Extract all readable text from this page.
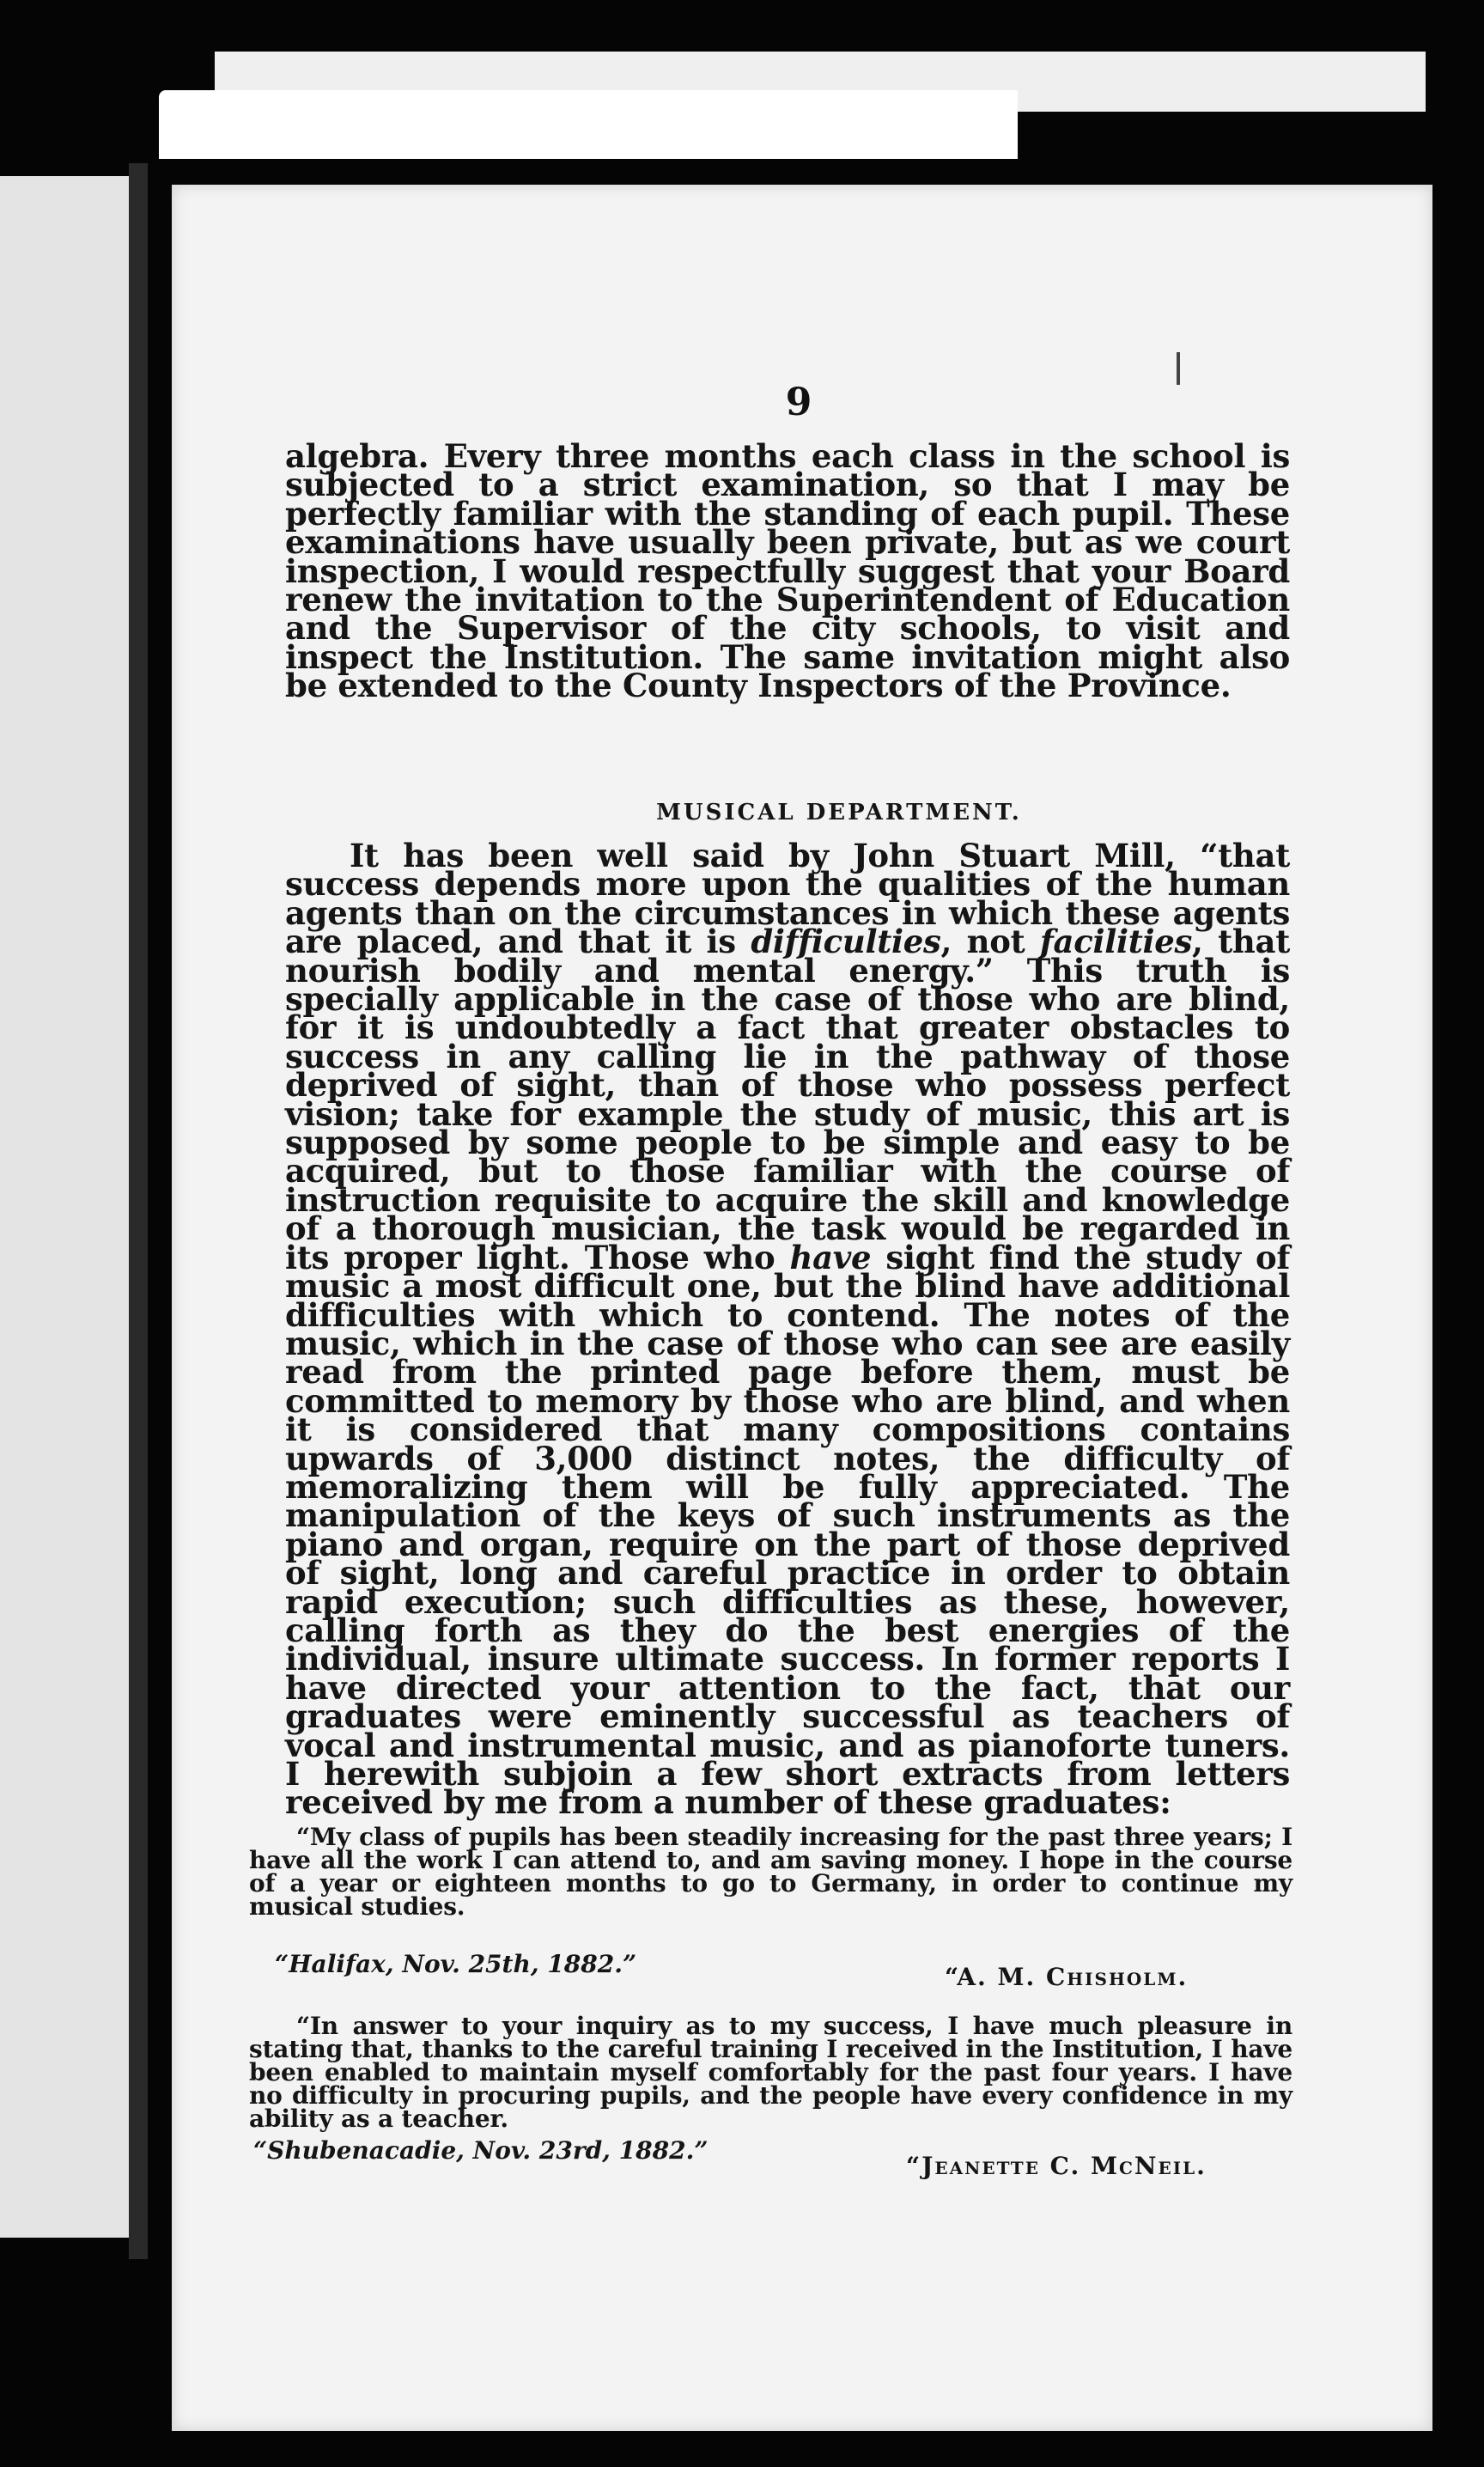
9
algebra. Every three months each class in the school is subjected to a strict examination, so that I may be perfectly familiar with the standing of each pupil. These examinations have usually been private, but as we court inspection, I would respectfully suggest that your Board renew the invitation to the Superintendent of Education and the Supervisor of the city schools, to visit and inspect the Institution. The same invitation might also be extended to the County Inspectors of the Province.
MUSICAL DEPARTMENT.
It has been well said by John Stuart Mill, “that success depends more upon the qualities of the human agents than on the circumstances in which these agents are placed, and that it is difficulties, not facilities, that nourish bodily and mental energy.” This truth is specially applicable in the case of those who are blind, for it is undoubtedly a fact that greater obstacles to success in any calling lie in the pathway of those deprived of sight, than of those who possess perfect vision; take for example the study of music, this art is supposed by some people to be simple and easy to be acquired, but to those familiar with the course of instruction requisite to acquire the skill and knowledge of a thorough musician, the task would be regarded in its proper light. Those who have sight find the study of music a most difficult one, but the blind have additional difficulties with which to contend. The notes of the music, which in the case of those who can see are easily read from the printed page before them, must be committed to memory by those who are blind, and when it is considered that many compositions contains upwards of 3,000 distinct notes, the difficulty of memoralizing them will be fully appreciated. The manipulation of the keys of such instruments as the piano and organ, require on the part of those deprived of sight, long and careful practice in order to obtain rapid execution; such difficulties as these, however, calling forth as they do the best energies of the individual, insure ultimate success. In former reports I have directed your attention to the fact, that our graduates were eminently successful as teachers of vocal and instrumental music, and as pianoforte tuners. I herewith subjoin a few short extracts from letters received by me from a number of these graduates:
“My class of pupils has been steadily increasing for the past three years; I have all the work I can attend to, and am saving money. I hope in the course of a year or eighteen months to go to Germany, in order to continue my musical studies.
“Halifax, Nov. 25th, 1882.”	“A. M. Chisholm.
“In answer to your inquiry as to my success, I have much pleasure in stating that, thanks to the careful training I received in the Institution, I have been enabled to maintain myself comfortably for the past four years. I have no difficulty in procuring pupils, and the people have every confidence in my ability as a teacher.
“Shubenacadie, Nov. 23rd, 1882.”
“Jeanette C. McNeil.
